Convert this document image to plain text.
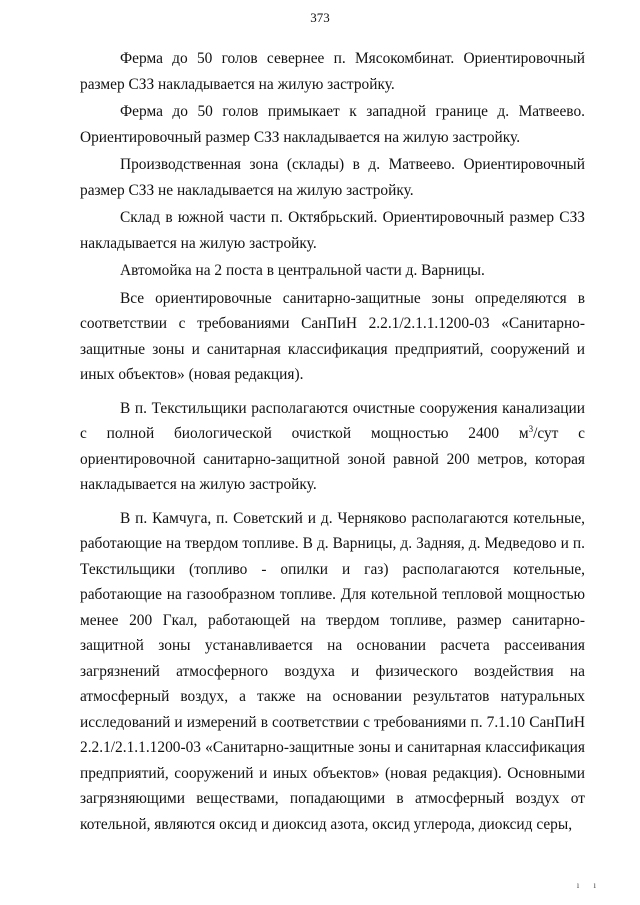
373

Ферма до 50 голов севернее п. Мясокомбинат. Ориентировочный размер СЗЗ накладывается на жилую застройку.

Ферма до 50 голов примыкает к западной границе д. Матвеево. Ориентировочный размер СЗЗ накладывается на жилую застройку.

Производственная зона (склады) в д. Матвеево. Ориентировочный размер СЗЗ не накладывается на жилую застройку.

Склад в южной части п. Октябрьский. Ориентировочный размер СЗЗ накладывается на жилую застройку.

Автомойка на 2 поста в центральной части д. Варницы.

Все ориентировочные санитарно-защитные зоны определяются в соответствии с требованиями СанПиН 2.2.1/2.1.1.1200-03 «Санитарно-защитные зоны и санитарная классификация предприятий, сооружений и иных объектов» (новая редакция).

В п. Текстильщики располагаются очистные сооружения канализации с полной биологической очисткой мощностью 2400 $м^3$/сут с ориентировочной санитарно-защитной зоной равной 200 метров, которая накладывается на жилую застройку.

В п. Камчуга, п. Советский и д. Черняково располагаются котельные, работающие на твердом топливе. В д. Варницы, д. Задняя, д. Медведово и п. Текстильщики (топливо - опилки и газ) располагаются котельные, работающие на газообразном топливе. Для котельной тепловой мощностью менее 200 Гкал, работающей на твердом топливе, размер санитарно-защитной зоны устанавливается на основании расчета рассеивания загрязнений атмосферного воздуха и физического воздействия на атмосферный воздух, а также на основании результатов натуральных исследований и измерений в соответствии с требованиями п. 7.1.10 СанПиН 2.2.1/2.1.1.1200-03 «Санитарно-защитные зоны и санитарная классификация предприятий, сооружений и иных объектов» (новая редакция). Основными загрязняющими веществами, попадающими в атмосферный воздух от котельной, являются оксид и диоксид азота, оксид углерода, диоксид серы,

ı ı
